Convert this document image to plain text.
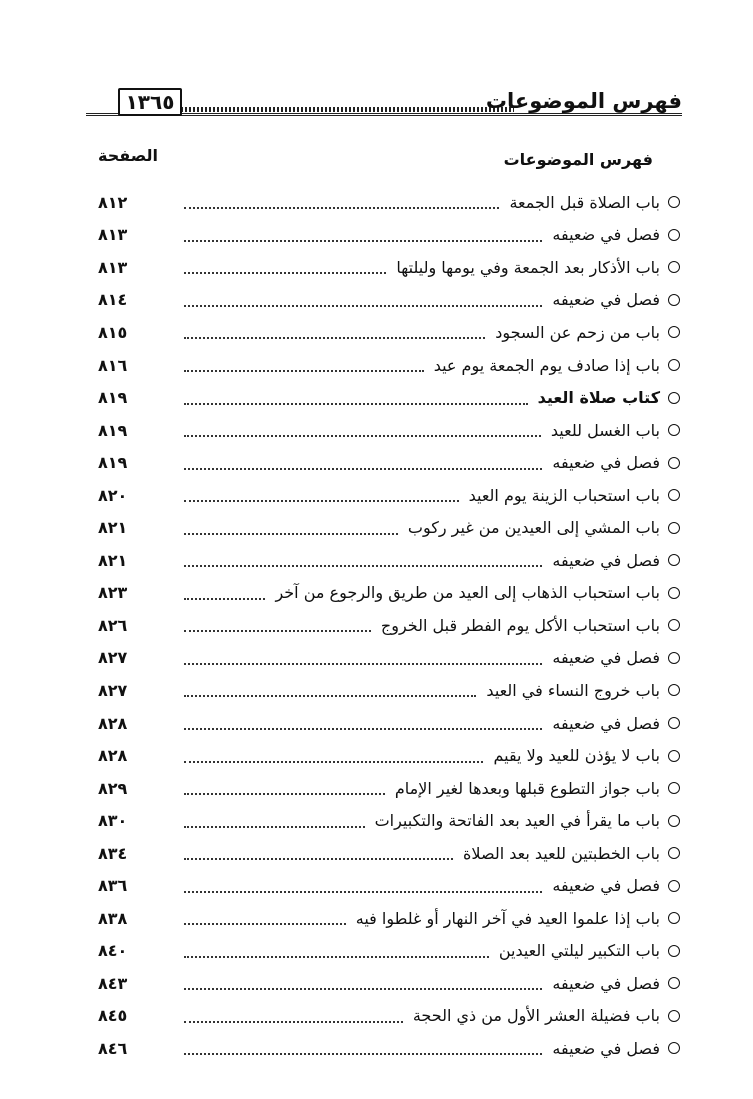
فهرس الموضوعات
١٣٦٥
فهرس الموضوعات
الصفحة
باب الصلاة قبل الجمعة
٨١٢
فصل في ضعيفه
٨١٣
باب الأذكار بعد الجمعة وفي يومها وليلتها
٨١٣
فصل في ضعيفه
٨١٤
باب من زحم عن السجود
٨١٥
باب إذا صادف يوم الجمعة يوم عيد
٨١٦
كتاب صلاة العيد
٨١٩
باب الغسل للعيد
٨١٩
فصل في ضعيفه
٨١٩
باب استحباب الزينة يوم العيد
٨٢٠
باب المشي إلى العيدين من غير ركوب
٨٢١
فصل في ضعيفه
٨٢١
باب استحباب الذهاب إلى العيد من طريق والرجوع من آخر
٨٢٣
باب استحباب الأكل يوم الفطر قبل الخروج
٨٢٦
فصل في ضعيفه
٨٢٧
باب خروج النساء في العيد
٨٢٧
فصل في ضعيفه
٨٢٨
باب لا يؤذن للعيد ولا يقيم
٨٢٨
باب جواز التطوع قبلها وبعدها لغير الإمام
٨٢٩
باب ما يقرأ في العيد بعد الفاتحة والتكبيرات
٨٣٠
باب الخطبتين للعيد بعد الصلاة
٨٣٤
فصل في ضعيفه
٨٣٦
باب إذا علموا العيد في آخر النهار أو غلطوا فيه
٨٣٨
باب التكبير ليلتي العيدين
٨٤٠
فصل في ضعيفه
٨٤٣
باب فضيلة العشر الأول من ذي الحجة
٨٤٥
فصل في ضعيفه
٨٤٦
